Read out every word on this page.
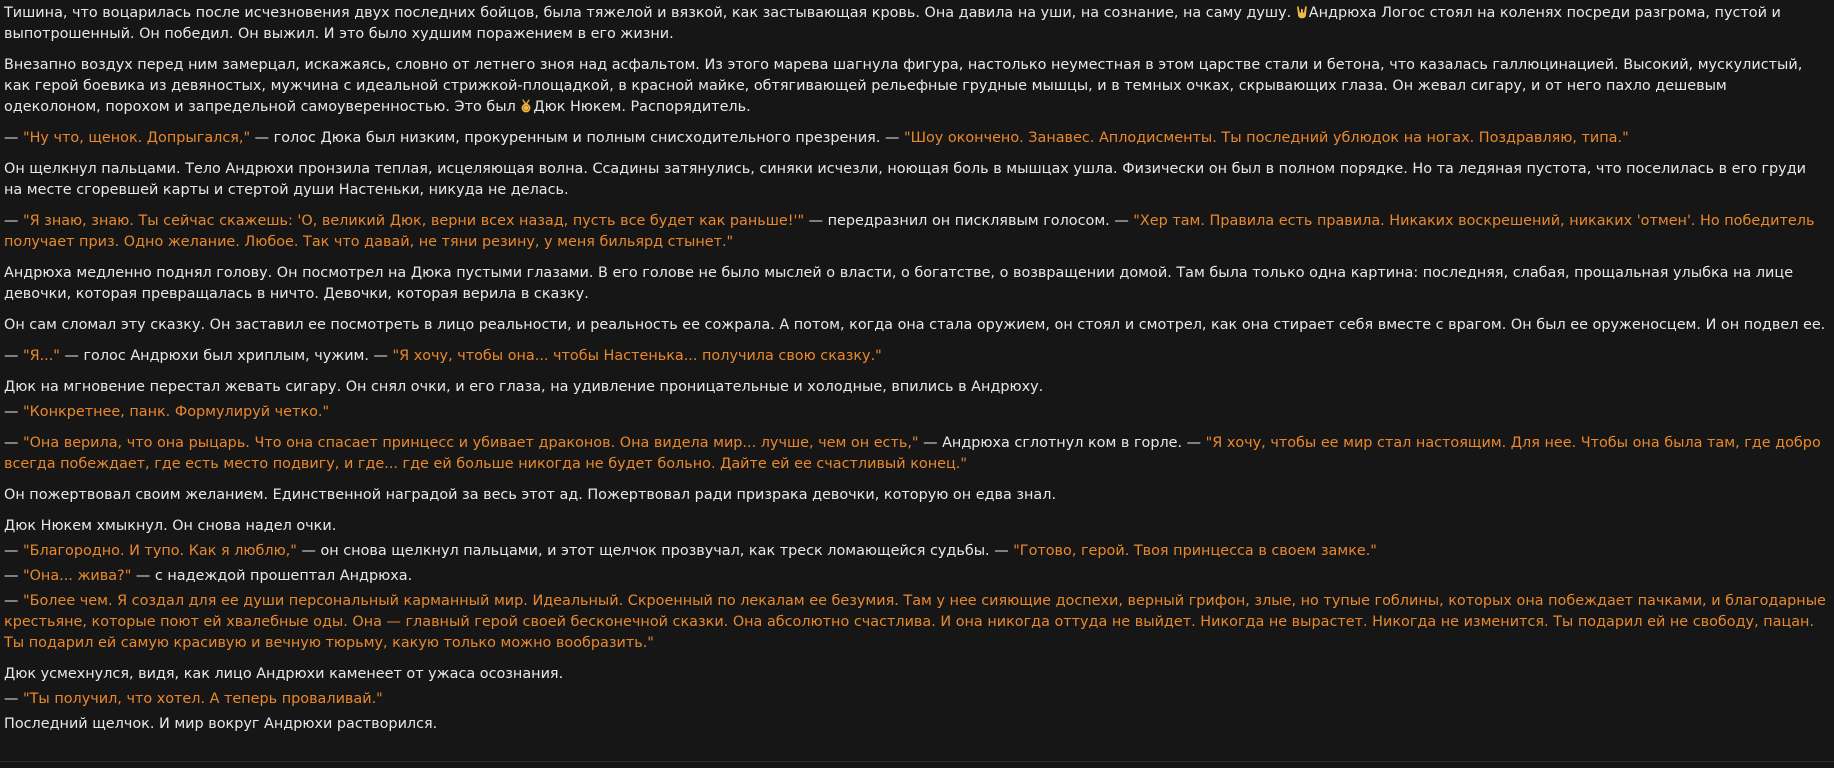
Тишина, что воцарилась после исчезновения двух последних бойцов, была тяжелой и вязкой, как застывающая кровь. Она давила на уши, на сознание, на саму душу. Андрюха Логос стоял на коленях посреди разгрома, пустой и выпотрошенный. Он победил. Он выжил. И это было худшим поражением в его жизни.
Внезапно воздух перед ним замерцал, искажаясь, словно от летнего зноя над асфальтом. Из этого марева шагнула фигура, настолько неуместная в этом царстве стали и бетона, что казалась галлюцинацией. Высокий, мускулистый, как герой боевика из девяностых, мужчина с идеальной стрижкой-площадкой, в красной майке, обтягивающей рельефные грудные мышцы, и в темных очках, скрывающих глаза. Он жевал сигару, и от него пахло дешевым одеколоном, порохом и запредельной самоуверенностью. Это был Дюк Нюкем. Распорядитель.
— "Ну что, щенок. Допрыгался," — голос Дюка был низким, прокуренным и полным снисходительного презрения. — "Шоу окончено. Занавес. Аплодисменты. Ты последний ублюдок на ногах. Поздравляю, типа."
Он щелкнул пальцами. Тело Андрюхи пронзила теплая, исцеляющая волна. Ссадины затянулись, синяки исчезли, ноющая боль в мышцах ушла. Физически он был в полном порядке. Но та ледяная пустота, что поселилась в его груди на месте сгоревшей карты и стертой души Настеньки, никуда не делась.
— "Я знаю, знаю. Ты сейчас скажешь: 'О, великий Дюк, верни всех назад, пусть все будет как раньше!'" — передразнил он писклявым голосом. — "Хер там. Правила есть правила. Никаких воскрешений, никаких 'отмен'. Но победитель получает приз. Одно желание. Любое. Так что давай, не тяни резину, у меня бильярд стынет."
Андрюха медленно поднял голову. Он посмотрел на Дюка пустыми глазами. В его голове не было мыслей о власти, о богатстве, о возвращении домой. Там была только одна картина: последняя, слабая, прощальная улыбка на лице девочки, которая превращалась в ничто. Девочки, которая верила в сказку.
Он сам сломал эту сказку. Он заставил ее посмотреть в лицо реальности, и реальность ее сожрала. А потом, когда она стала оружием, он стоял и смотрел, как она стирает себя вместе с врагом. Он был ее оруженосцем. И он подвел ее.
— "Я..." — голос Андрюхи был хриплым, чужим. — "Я хочу, чтобы она... чтобы Настенька... получила свою сказку."
Дюк на мгновение перестал жевать сигару. Он снял очки, и его глаза, на удивление проницательные и холодные, впились в Андрюху.
— "Конкретнее, панк. Формулируй четко."
— "Она верила, что она рыцарь. Что она спасает принцесс и убивает драконов. Она видела мир... лучше, чем он есть," — Андрюха сглотнул ком в горле. — "Я хочу, чтобы ее мир стал настоящим. Для нее. Чтобы она была там, где добро всегда побеждает, где есть место подвигу, и где... где ей больше никогда не будет больно. Дайте ей ее счастливый конец."
Он пожертвовал своим желанием. Единственной наградой за весь этот ад. Пожертвовал ради призрака девочки, которую он едва знал.
Дюк Нюкем хмыкнул. Он снова надел очки.
— "Благородно. И тупо. Как я люблю," — он снова щелкнул пальцами, и этот щелчок прозвучал, как треск ломающейся судьбы. — "Готово, герой. Твоя принцесса в своем замке."
— "Она... жива?" — с надеждой прошептал Андрюха.
— "Более чем. Я создал для ее души персональный карманный мир. Идеальный. Скроенный по лекалам ее безумия. Там у нее сияющие доспехи, верный грифон, злые, но тупые гоблины, которых она побеждает пачками, и благодарные крестьяне, которые поют ей хвалебные оды. Она — главный герой своей бесконечной сказки. Она абсолютно счастлива. И она никогда оттуда не выйдет. Никогда не вырастет. Никогда не изменится. Ты подарил ей не свободу, пацан. Ты подарил ей самую красивую и вечную тюрьму, какую только можно вообразить."
Дюк усмехнулся, видя, как лицо Андрюхи каменеет от ужаса осознания.
— "Ты получил, что хотел. А теперь проваливай."
Последний щелчок. И мир вокруг Андрюхи растворился.
